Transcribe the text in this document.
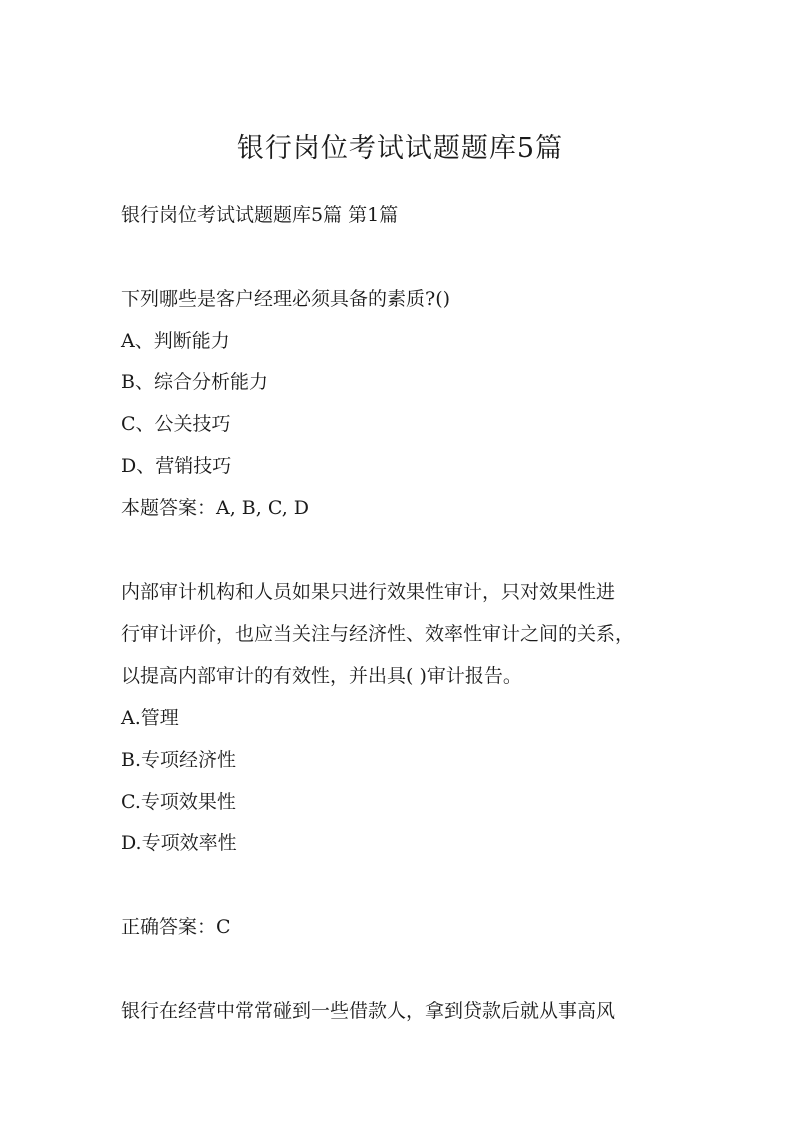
银行岗位考试试题题库5篇

银行岗位考试试题题库5篇 第1篇

下列哪些是客户经理必须具备的素质?()

A、判断能力

B、综合分析能力

C、公关技巧

D、营销技巧

本题答案：A, B, C, D

内部审计机构和人员如果只进行效果性审计，只对效果性进

行审计评价，也应当关注与经济性、效率性审计之间的关系，

以提高内部审计的有效性，并出具( )审计报告。

A.管理

B.专项经济性

C.专项效果性

D.专项效率性

正确答案：C

银行在经营中常常碰到一些借款人，拿到贷款后就从事高风
